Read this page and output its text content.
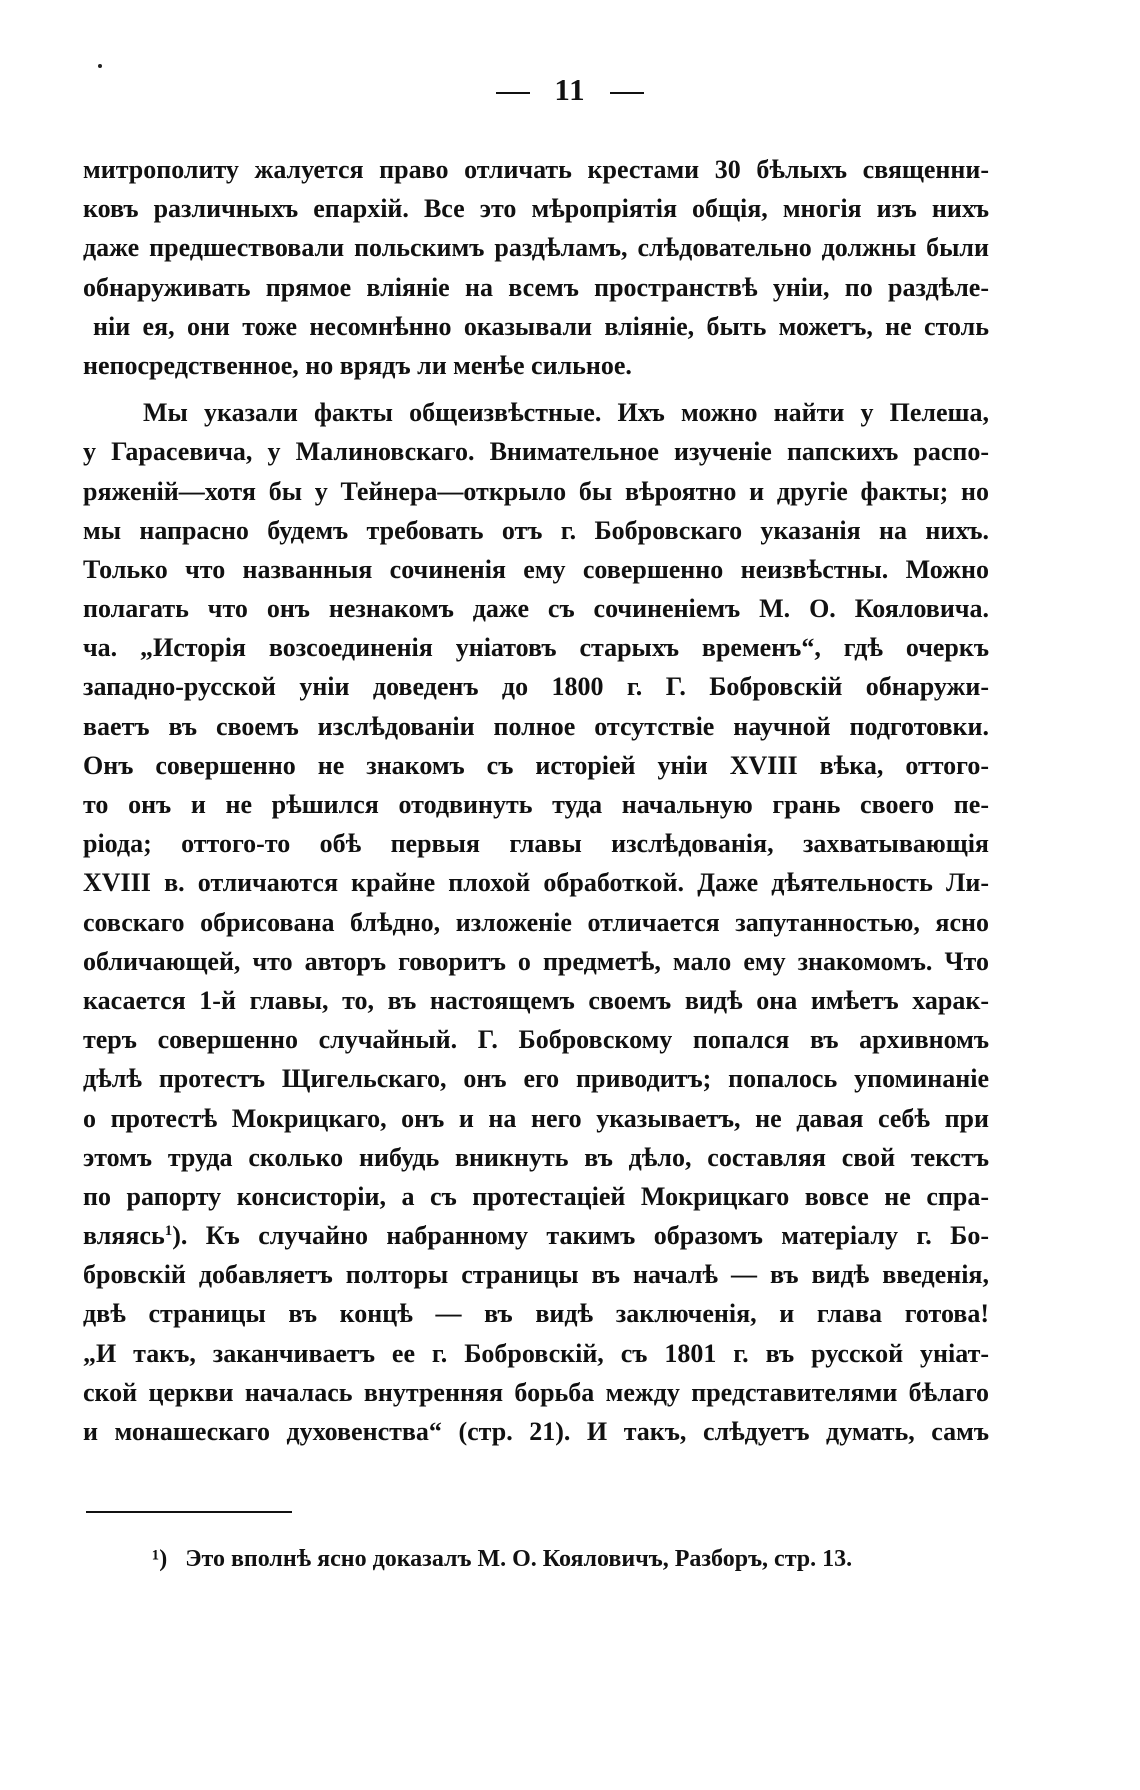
11
митрополиту жалуется право отличать крестами 30 бѣлыхъ священни-
ковъ различныхъ епархій. Все это мѣропріятія общія, многія изъ нихъ
даже предшествовали польскимъ раздѣламъ, слѣдовательно должны были
обнаруживать прямое вліяніе на всемъ пространствѣ уніи, по раздѣле-
ніи ея, они тоже несомнѣнно оказывали вліяніе, быть можетъ, не столь
непосредственное, но врядъ ли менѣе сильное.
Мы указали факты общеизвѣстные. Ихъ можно найти у Пелеша,
у Гарасевича, у Малиновскаго. Внимательное изученіе папскихъ распо-
ряженій—хотя бы у Тейнера—открыло бы вѣроятно и другіе факты; но
мы напрасно будемъ требовать отъ г. Бобровскаго указанія на нихъ.
Только что названныя сочиненія ему совершенно неизвѣстны. Можно
полагать что онъ незнакомъ даже съ сочиненіемъ М. О. Кояловича.
ча. „Исторія возсоединенія уніатовъ старыхъ временъ“, гдѣ очеркъ
западно-русской уніи доведенъ до 1800 г. Г. Бобровскій обнаружи-
ваетъ въ своемъ изслѣдованіи полное отсутствіе научной подготовки.
Онъ совершенно не знакомъ съ исторіей уніи XVIII вѣка, оттого-
то онъ и не рѣшился отодвинуть туда начальную грань своего пе-
ріода; оттого-то обѣ первыя главы изслѣдованія, захватывающія
XVIII в. отличаются крайне плохой обработкой. Даже дѣятельность Ли-
совскаго обрисована блѣдно, изложеніе отличается запутанностью, ясно
обличающей, что авторъ говоритъ о предметѣ, мало ему знакомомъ. Что
касается 1-й главы, то, въ настоящемъ своемъ видѣ она имѣетъ харак-
теръ совершенно случайный. Г. Бобровскому попался въ архивномъ
дѣлѣ протестъ Щигельскаго, онъ его приводитъ; попалось упоминаніе
о протестѣ Мокрицкаго, онъ и на него указываетъ, не давая себѣ при
этомъ труда сколько нибудь вникнуть въ дѣло, составляя свой текстъ
по рапорту консисторіи, а съ протестаціей Мокрицкаго вовсе не спра-
вляясь$^1$). Къ случайно набранному такимъ образомъ матеріалу г. Бо-
бровскій добавляетъ полторы страницы въ началѣ — въ видѣ введенія,
двѣ страницы въ концѣ — въ видѣ заключенія, и глава готова!
„И такъ, заканчиваетъ ее г. Бобровскій, съ 1801 г. въ русской уніат-
ской церкви началась внутренняя борьба между представителями бѣлаго
и монашескаго духовенства“ (стр. 21). И такъ, слѣдуетъ думать, самъ
¹) Это вполнѣ ясно доказалъ М. О. Кояловичъ, Разборъ, стр. 13.
